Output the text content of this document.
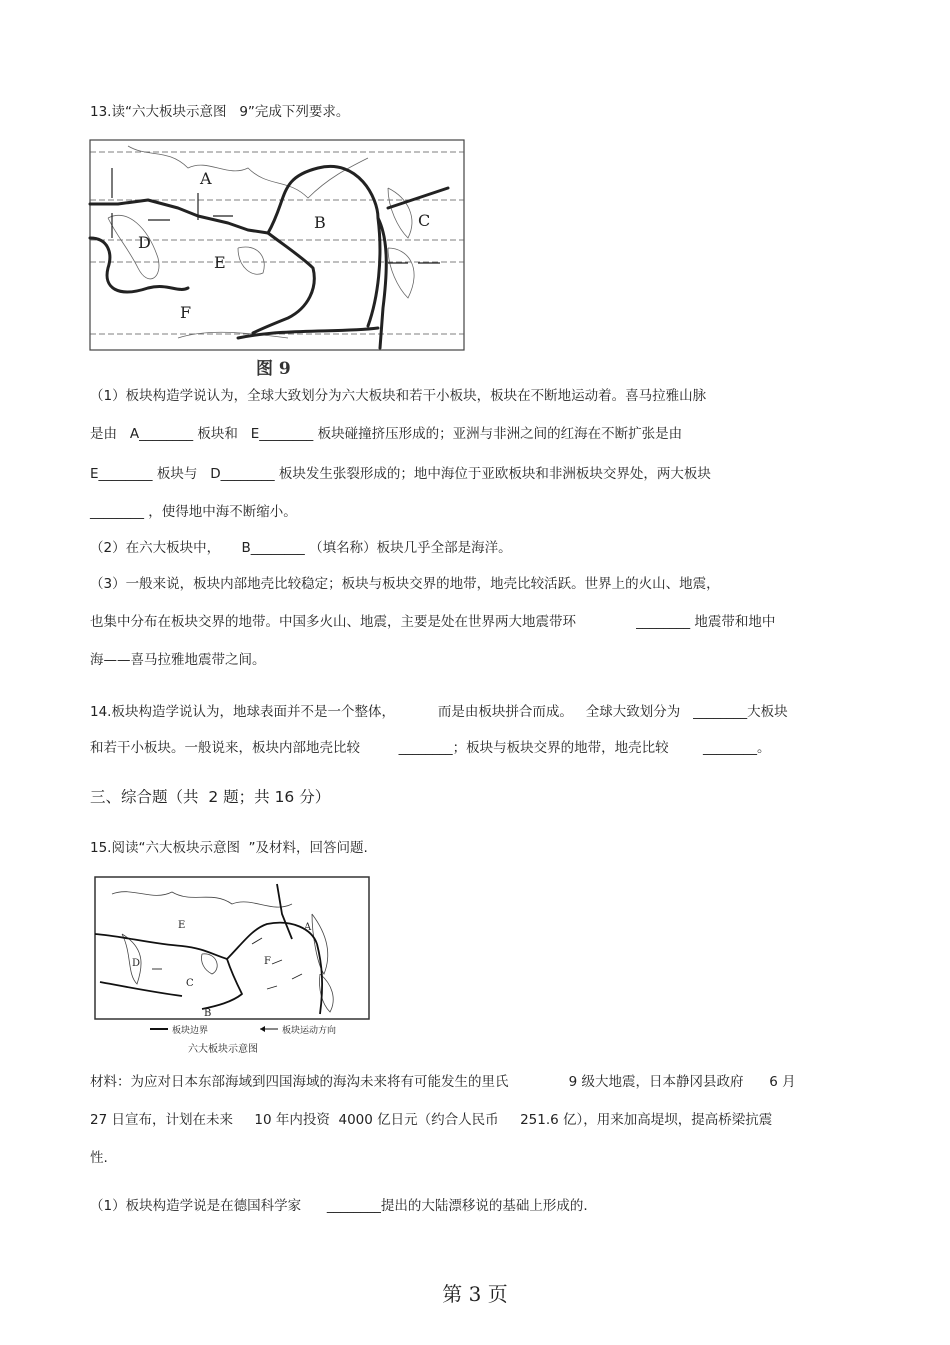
13.读“六大板块示意图   9”完成下列要求。
A
B	C
D
E
F
图 9
（1）板块构造学说认为，全球大致划分为六大板块和若干小板块，板块在不断地运动着。喜马拉雅山脉
是由   A________ 板块和   E________ 板块碰撞挤压形成的；亚洲与非洲之间的红海在不断扩张是由
E________ 板块与   D________ 板块发生张裂形成的；地中海位于亚欧板块和非洲板块交界处，两大板块
________ ，使得地中海不断缩小。
（2）在六大板块中，     B________ （填名称）板块几乎全部是海洋。
（3）一般来说，板块内部地壳比较稳定；板块与板块交界的地带，地壳比较活跃。世界上的火山、地震，
也集中分布在板块交界的地带。中国多火山、地震，主要是处在世界两大地震带环              ________ 地震带和地中
海——喜马拉雅地震带之间。
14.板块构造学说认为，地球表面并不是一个整体，          而是由板块拼合而成。   全球大致划分为   ________大板块
和若干小板块。一般说来，板块内部地壳比较         ________；板块与板块交界的地带，地壳比较        ________。
三、综合题（共  2 题；共 16 分）
15.阅读“六大板块示意图  ”及材料，回答问题.
A
B
C
D
E
F
板块边界	板块运动方向
六大板块示意图
材料：为应对日本东部海域到四国海域的海沟未来将有可能发生的里氏              9 级大地震，日本静冈县政府      6 月
27 日宣布，计划在未来     10 年内投资  4000 亿日元（约合人民币     251.6 亿），用来加高堤坝，提高桥梁抗震
性.
（1）板块构造学说是在德国科学家      ________提出的大陆漂移说的基础上形成的.
第 3 页
